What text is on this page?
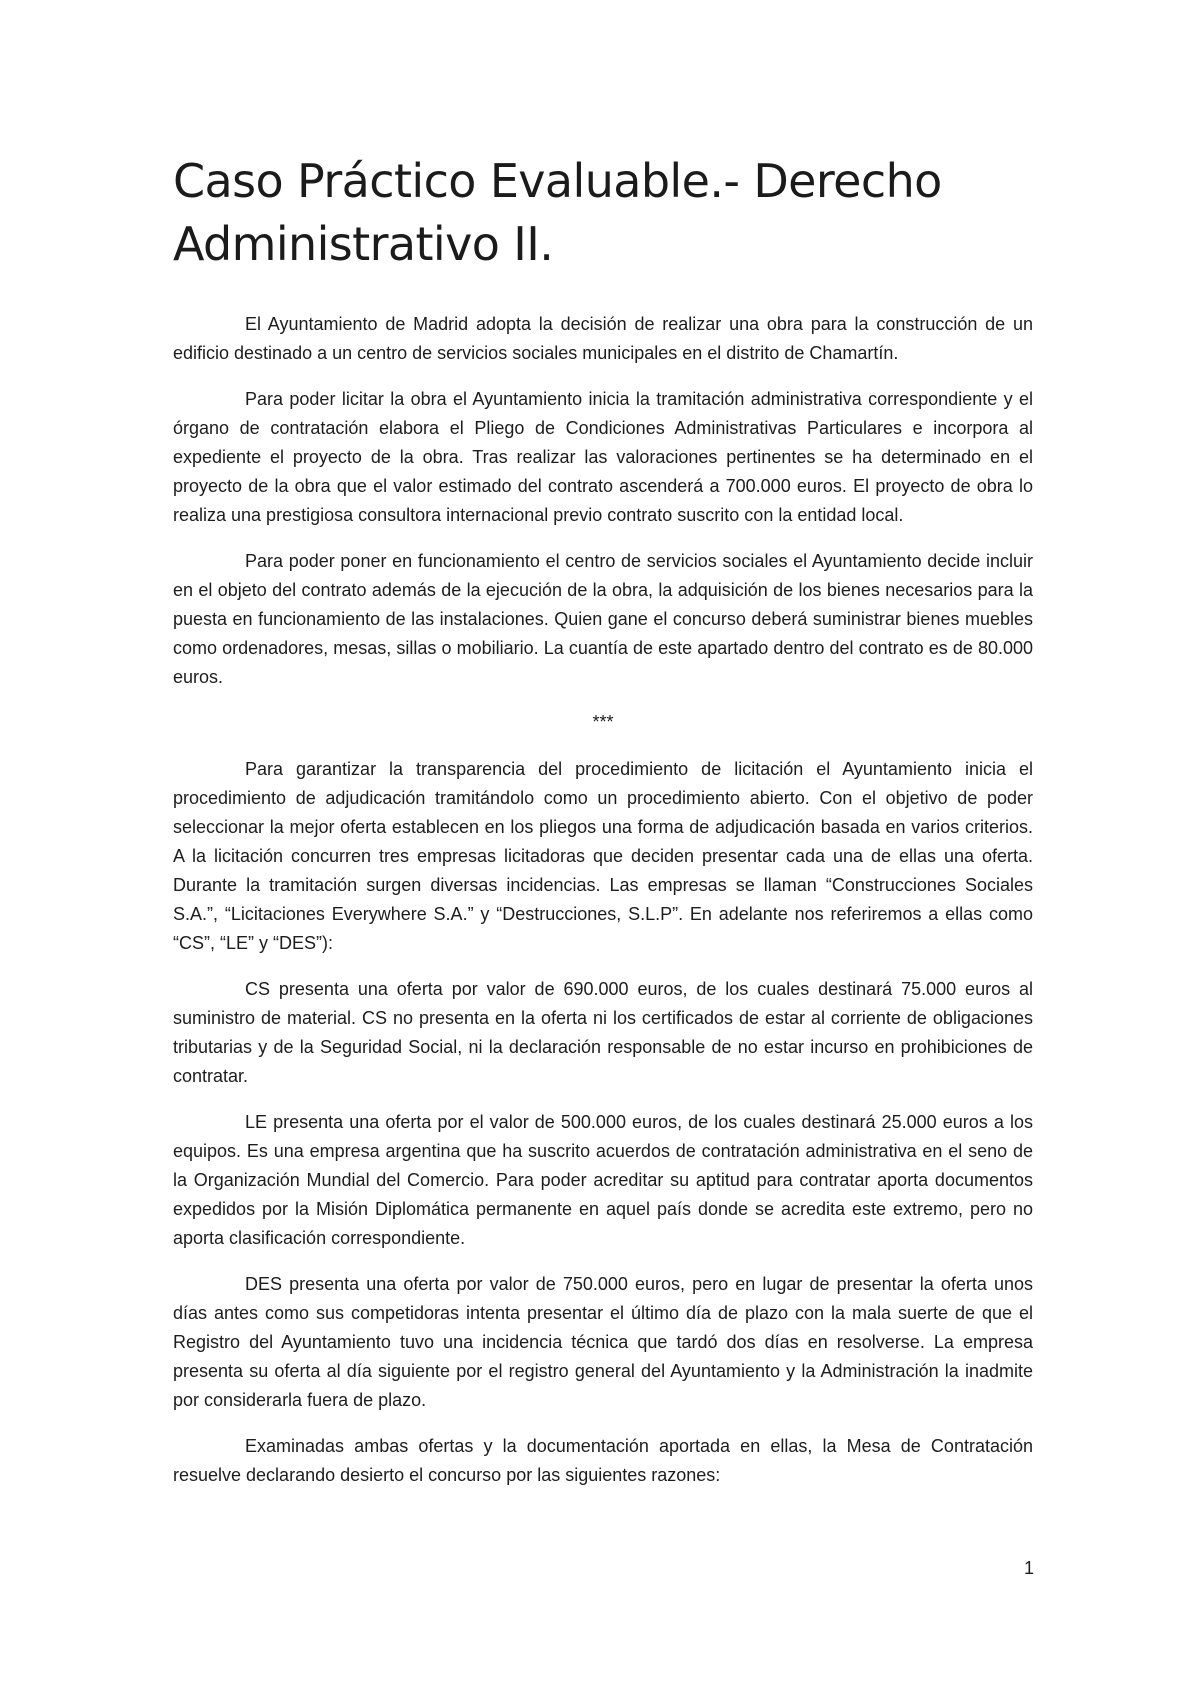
Caso Práctico Evaluable.- Derecho Administrativo II.

El Ayuntamiento de Madrid adopta la decisión de realizar una obra para la construcción de un edificio destinado a un centro de servicios sociales municipales en el distrito de Chamartín.

Para poder licitar la obra el Ayuntamiento inicia la tramitación administrativa correspondiente y el órgano de contratación elabora el Pliego de Condiciones Administrativas Particulares e incorpora al expediente el proyecto de la obra. Tras realizar las valoraciones pertinentes se ha determinado en el proyecto de la obra que el valor estimado del contrato ascenderá a 700.000 euros. El proyecto de obra lo realiza una prestigiosa consultora internacional previo contrato suscrito con la entidad local.

Para poder poner en funcionamiento el centro de servicios sociales el Ayuntamiento decide incluir en el objeto del contrato además de la ejecución de la obra, la adquisición de los bienes necesarios para la puesta en funcionamiento de las instalaciones. Quien gane el concurso deberá suministrar bienes muebles como ordenadores, mesas, sillas o mobiliario. La cuantía de este apartado dentro del contrato es de 80.000 euros.

***

Para garantizar la transparencia del procedimiento de licitación el Ayuntamiento inicia el procedimiento de adjudicación tramitándolo como un procedimiento abierto. Con el objetivo de poder seleccionar la mejor oferta establecen en los pliegos una forma de adjudicación basada en varios criterios. A la licitación concurren tres empresas licitadoras que deciden presentar cada una de ellas una oferta. Durante la tramitación surgen diversas incidencias. Las empresas se llaman “Construcciones Sociales S.A.”, “Licitaciones Everywhere S.A.” y “Destrucciones, S.L.P”. En adelante nos referiremos a ellas como “CS”, “LE” y “DES”):

CS presenta una oferta por valor de 690.000 euros, de los cuales destinará 75.000 euros al suministro de material. CS no presenta en la oferta ni los certificados de estar al corriente de obligaciones tributarias y de la Seguridad Social, ni la declaración responsable de no estar incurso en prohibiciones de contratar.

LE presenta una oferta por el valor de 500.000 euros, de los cuales destinará 25.000 euros a los equipos. Es una empresa argentina que ha suscrito acuerdos de contratación administrativa en el seno de la Organización Mundial del Comercio. Para poder acreditar su aptitud para contratar aporta documentos expedidos por la Misión Diplomática permanente en aquel país donde se acredita este extremo, pero no aporta clasificación correspondiente.

DES presenta una oferta por valor de 750.000 euros, pero en lugar de presentar la oferta unos días antes como sus competidoras intenta presentar el último día de plazo con la mala suerte de que el Registro del Ayuntamiento tuvo una incidencia técnica que tardó dos días en resolverse. La empresa presenta su oferta al día siguiente por el registro general del Ayuntamiento y la Administración la inadmite por considerarla fuera de plazo.

Examinadas ambas ofertas y la documentación aportada en ellas, la Mesa de Contratación resuelve declarando desierto el concurso por las siguientes razones:

1
